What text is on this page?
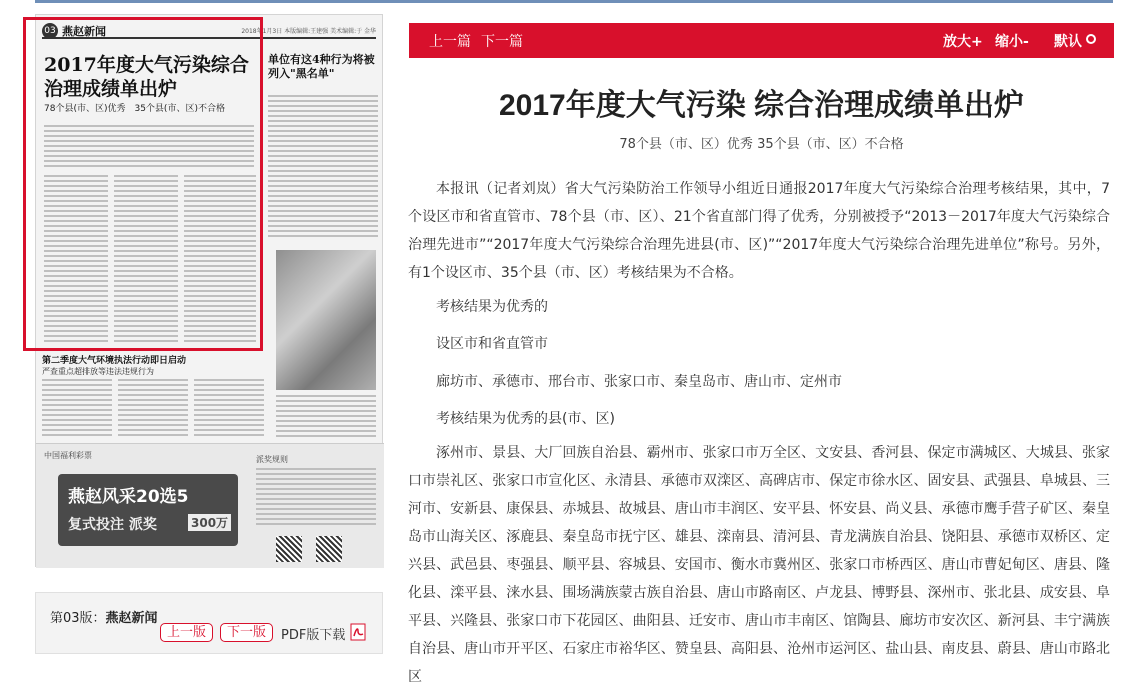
03 燕赵新闻	2018年1月3日 本版编辑:王建强 美术编辑:于 金华
2017年度大气污染综合治理成绩单出炉
78个县(市、区)优秀　35个县(市、区)不合格
单位有这4种行为将被列入"黑名单"
第二季度大气环境执法行动即日启动
严查重点超排放等违法违规行为
中国福利彩票
燕赵风采20选5
复式投注 派奖	300万
派奖规则
第03版：燕赵新闻
上一版	下一版	PDF版下载
上一篇 下一篇	放大+ 缩小- 默认
2017年度大气污染 综合治理成绩单出炉
78个县（市、区）优秀 35个县（市、区）不合格

本报讯（记者刘岚）省大气污染防治工作领导小组近日通报2017年度大气污染综合治理考核结果，其中，7个设区市和省直管市、78个县（市、区）、21个省直部门得了优秀，分别被授予“2013－2017年度大气污染综合治理先进市”“2017年度大气污染综合治理先进县(市、区)”“2017年度大气污染综合治理先进单位”称号。另外，有1个设区市、35个县（市、区）考核结果为不合格。

考核结果为优秀的

设区市和省直管市

廊坊市、承德市、邢台市、张家口市、秦皇岛市、唐山市、定州市

考核结果为优秀的县(市、区)

涿州市、景县、大厂回族自治县、霸州市、张家口市万全区、文安县、香河县、保定市满城区、大城县、张家口市崇礼区、张家口市宣化区、永清县、承德市双滦区、高碑店市、保定市徐水区、固安县、武强县、阜城县、三河市、安新县、康保县、赤城县、故城县、唐山市丰润区、安平县、怀安县、尚义县、承德市鹰手营子矿区、秦皇岛市山海关区、涿鹿县、秦皇岛市抚宁区、雄县、滦南县、清河县、青龙满族自治县、饶阳县、承德市双桥区、定兴县、武邑县、枣强县、顺平县、容城县、安国市、衡水市冀州区、张家口市桥西区、唐山市曹妃甸区、唐县、隆化县、滦平县、涞水县、围场满族蒙古族自治县、唐山市路南区、卢龙县、博野县、深州市、张北县、成安县、阜平县、兴隆县、张家口市下花园区、曲阳县、迁安市、唐山市丰南区、馆陶县、廊坊市安次区、新河县、丰宁满族自治县、唐山市开平区、石家庄市裕华区、赞皇县、高阳县、沧州市运河区、盐山县、南皮县、蔚县、唐山市路北区
